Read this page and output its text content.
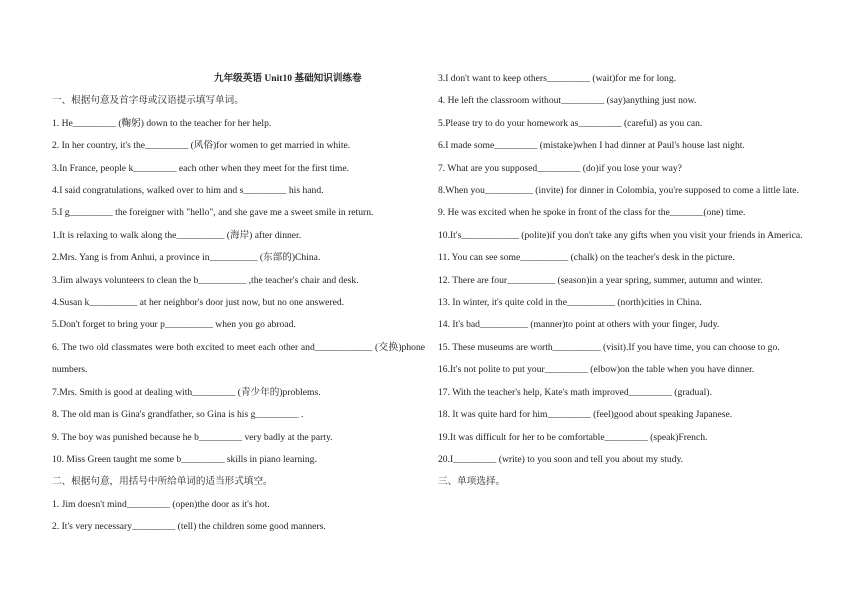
九年级英语 Unit10 基础知识训练卷
一、根据句意及首字母或汉语提示填写单词。
1. He_________ (鞠躬) down to the teacher for her help.
2. In her country, it's the_________ (风俗)for women to get married in white.
3.In France, people k_________ each other when they meet for the first time.
4.I said congratulations, walked over to him and s_________ his hand.
5.I g_________ the foreigner with "hello", and she gave me a sweet smile in return.
1.It is relaxing to walk along the__________ (海岸) after dinner.
2.Mrs. Yang is from Anhui, a province in__________ (东部的)China.
3.Jim always volunteers to clean the b__________ ,the teacher's chair and desk.
4.Susan k__________ at her neighbor's door just now, but no one answered.
5.Don't forget to bring your p__________ when you go abroad.
6. The two old classmates were both excited to meet each other and____________ (交换)phone numbers.
7.Mrs. Smith is good at dealing with_________ (青少年的)problems.
8. The old man is Gina's grandfather, so Gina is his g_________ .
9. The boy was punished because he b_________ very badly at the party.
10. Miss Green taught me some b_________ skills in piano learning.
二、根据句意，用括号中所给单词的适当形式填空。
1. Jim doesn't mind_________ (open)the door as it's hot.
2. It's very necessary_________ (tell) the children some good manners.
3.I don't want to keep others_________ (wait)for me for long.
4. He left the classroom without_________ (say)anything just now.
5.Please try to do your homework as_________ (careful) as you can.
6.I made some_________ (mistake)when I had dinner at Paul's house last night.
7. What are you supposed_________ (do)if you lose your way?
8.When you__________ (invite) for dinner in Colombia, you're supposed to come a little late.
9. He was excited when he spoke in front of the class for the_______(one) time.
10.It's____________ (polite)if you don't take any gifts when you visit your friends in America.
11. You can see some__________ (chalk) on the teacher's desk in the picture.
12. There are four__________ (season)in a year spring, summer, autumn and winter.
13. In winter, it's quite cold in the__________ (north)cities in China.
14. It's bad__________ (manner)to point at others with your finger, Judy.
15. These museums are worth__________ (visit).If you have time, you can choose to go.
16.It's not polite to put your_________ (elbow)on the table when you have dinner.
17. With the teacher's help, Kate's math improved_________ (gradual).
18. It was quite hard for him_________ (feel)good about speaking Japanese.
19.It was difficult for her to be comfortable_________ (speak)French.
20.I_________ (write) to you soon and tell you about my study.
三、单项选择。
